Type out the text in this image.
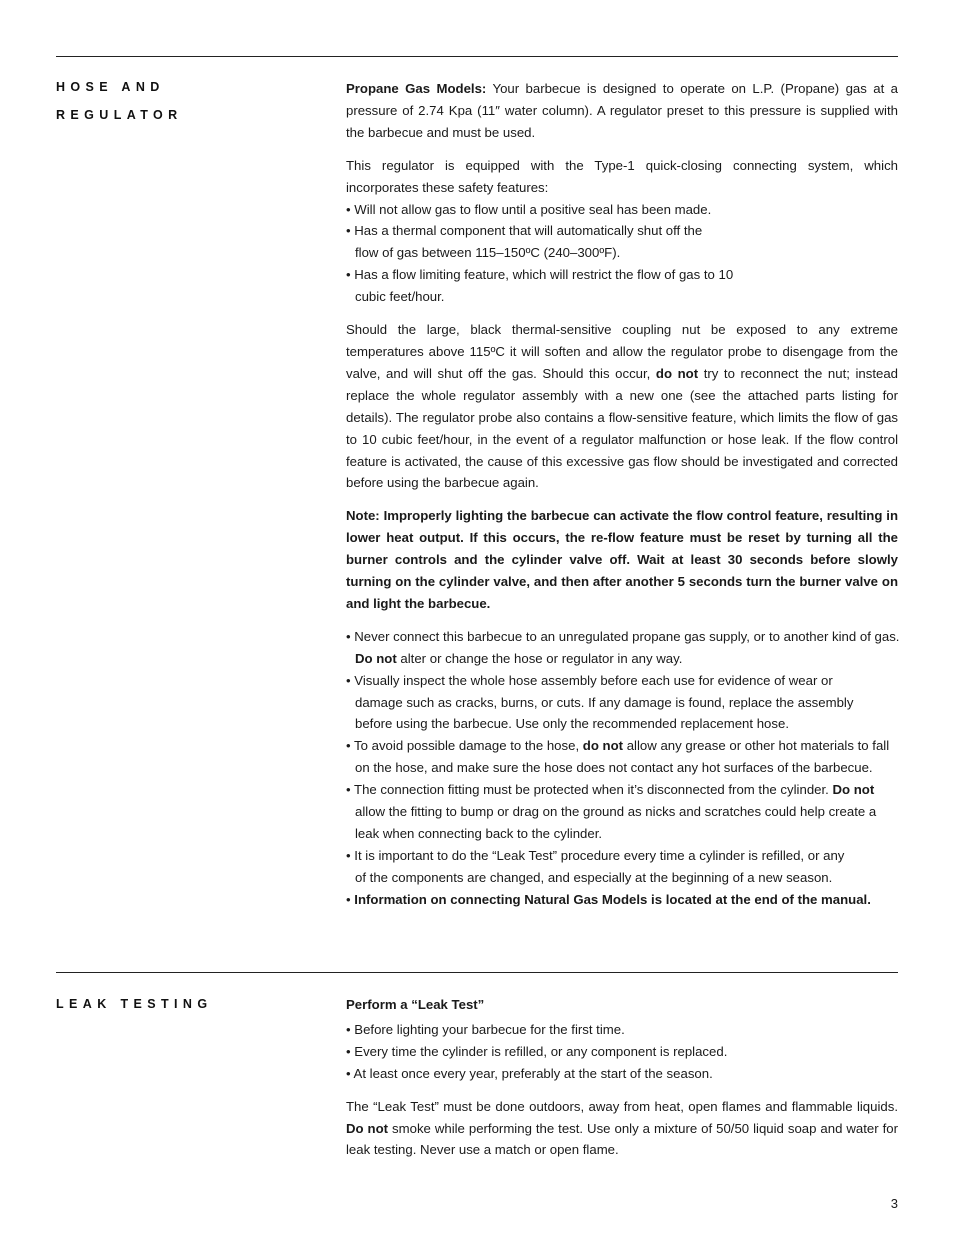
HOSE AND
REGULATOR

Propane Gas Models: Your barbecue is designed to operate on L.P. (Propane) gas at a pressure of 2.74 Kpa (11″ water column). A regulator preset to this pressure is supplied with the barbecue and must be used.

This regulator is equipped with the Type-1 quick-closing connecting system, which incorporates these safety features:

• Will not allow gas to flow until a positive seal has been made.
• Has a thermal component that will automatically shut off the flow of gas between 115–150ºC (240–300ºF).
• Has a flow limiting feature, which will restrict the flow of gas to 10 cubic feet/hour.

Should the large, black thermal-sensitive coupling nut be exposed to any extreme temperatures above 115ºC it will soften and allow the regulator probe to disengage from the valve, and will shut off the gas. Should this occur, do not try to reconnect the nut; instead replace the whole regulator assembly with a new one (see the attached parts listing for details). The regulator probe also contains a flow-sensitive feature, which limits the flow of gas to 10 cubic feet/hour, in the event of a regulator malfunction or hose leak. If the flow control feature is activated, the cause of this excessive gas flow should be investigated and corrected before using the barbecue again.

Note: Improperly lighting the barbecue can activate the flow control feature, resulting in lower heat output. If this occurs, the re-flow feature must be reset by turning all the burner controls and the cylinder valve off. Wait at least 30 seconds before slowly turning on the cylinder valve, and then after another 5 seconds turn the burner valve on and light the barbecue.

• Never connect this barbecue to an unregulated propane gas supply, or to another kind of gas. Do not alter or change the hose or regulator in any way.
• Visually inspect the whole hose assembly before each use for evidence of wear or damage such as cracks, burns, or cuts. If any damage is found, replace the assembly before using the barbecue. Use only the recommended replacement hose.
• To avoid possible damage to the hose, do not allow any grease or other hot materials to fall on the hose, and make sure the hose does not contact any hot surfaces of the barbecue.
• The connection fitting must be protected when it’s disconnected from the cylinder. Do not allow the fitting to bump or drag on the ground as nicks and scratches could help create a leak when connecting back to the cylinder.
• It is important to do the “Leak Test” procedure every time a cylinder is refilled, or any of the components are changed, and especially at the beginning of a new season.
• Information on connecting Natural Gas Models is located at the end of the manual.
LEAK TESTING	Perform a “Leak Test”

• Before lighting your barbecue for the first time.
• Every time the cylinder is refilled, or any component is replaced.
• At least once every year, preferably at the start of the season.

The “Leak Test” must be done outdoors, away from heat, open flames and flammable liquids. Do not smoke while performing the test. Use only a mixture of 50/50 liquid soap and water for leak testing. Never use a match or open flame.

3
